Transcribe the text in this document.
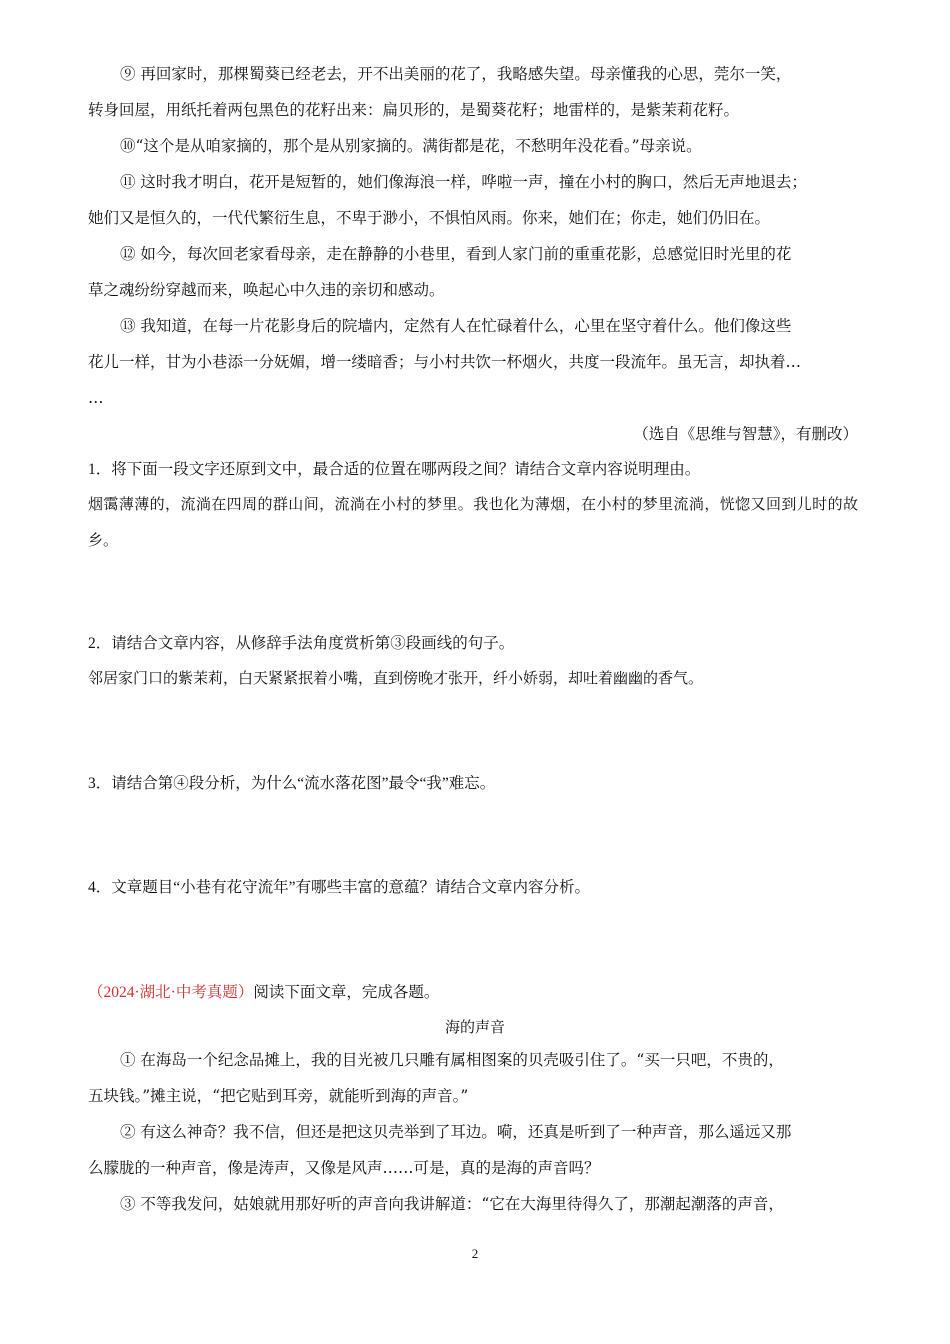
⑨ 再回家时，那棵蜀葵已经老去，开不出美丽的花了，我略感失望。母亲懂我的心思，莞尔一笑，

转身回屋，用纸托着两包黑色的花籽出来：扁贝形的，是蜀葵花籽；地雷样的，是紫茉莉花籽。

⑩“这个是从咱家摘的，那个是从别家摘的。满街都是花，不愁明年没花看。”母亲说。

⑪ 这时我才明白，花开是短暂的，她们像海浪一样，哗啦一声，撞在小村的胸口，然后无声地退去；

她们又是恒久的，一代代繁衍生息，不卑于渺小，不惧怕风雨。你来，她们在；你走，她们仍旧在。

⑫ 如今，每次回老家看母亲，走在静静的小巷里，看到人家门前的重重花影，总感觉旧时光里的花

草之魂纷纷穿越而来，唤起心中久违的亲切和感动。

⑬ 我知道，在每一片花影身后的院墙内，定然有人在忙碌着什么，心里在坚守着什么。他们像这些

花儿一样，甘为小巷添一分妩媚，增一缕暗香；与小村共饮一杯烟火，共度一段流年。虽无言，却执着…

…

（选自《思维与智慧》，有删改）
1．将下面一段文字还原到文中，最合适的位置在哪两段之间？请结合文章内容说明理由。
烟霭薄薄的，流淌在四周的群山间，流淌在小村的梦里。我也化为薄烟，在小村的梦里流淌，恍惚又回到儿时的故乡。
2．请结合文章内容，从修辞手法角度赏析第③段画线的句子。
邻居家门口的紫茉莉，白天紧紧抿着小嘴，直到傍晚才张开，纤小娇弱，却吐着幽幽的香气。
3．请结合第④段分析，为什么“流水落花图”最令“我”难忘。
4．文章题目“小巷有花守流年”有哪些丰富的意蕴？请结合文章内容分析。
（2024·湖北·中考真题）阅读下面文章，完成各题。
海的声音

① 在海岛一个纪念品摊上，我的目光被几只雕有属相图案的贝壳吸引住了。“买一只吧，不贵的，

五块钱。”摊主说，“把它贴到耳旁，就能听到海的声音。”

② 有这么神奇？我不信，但还是把这贝壳举到了耳边。嗬，还真是听到了一种声音，那么遥远又那

么朦胧的一种声音，像是涛声，又像是风声……可是，真的是海的声音吗？

③ 不等我发问，姑娘就用那好听的声音向我讲解道：“它在大海里待得久了，那潮起潮落的声音，

2
